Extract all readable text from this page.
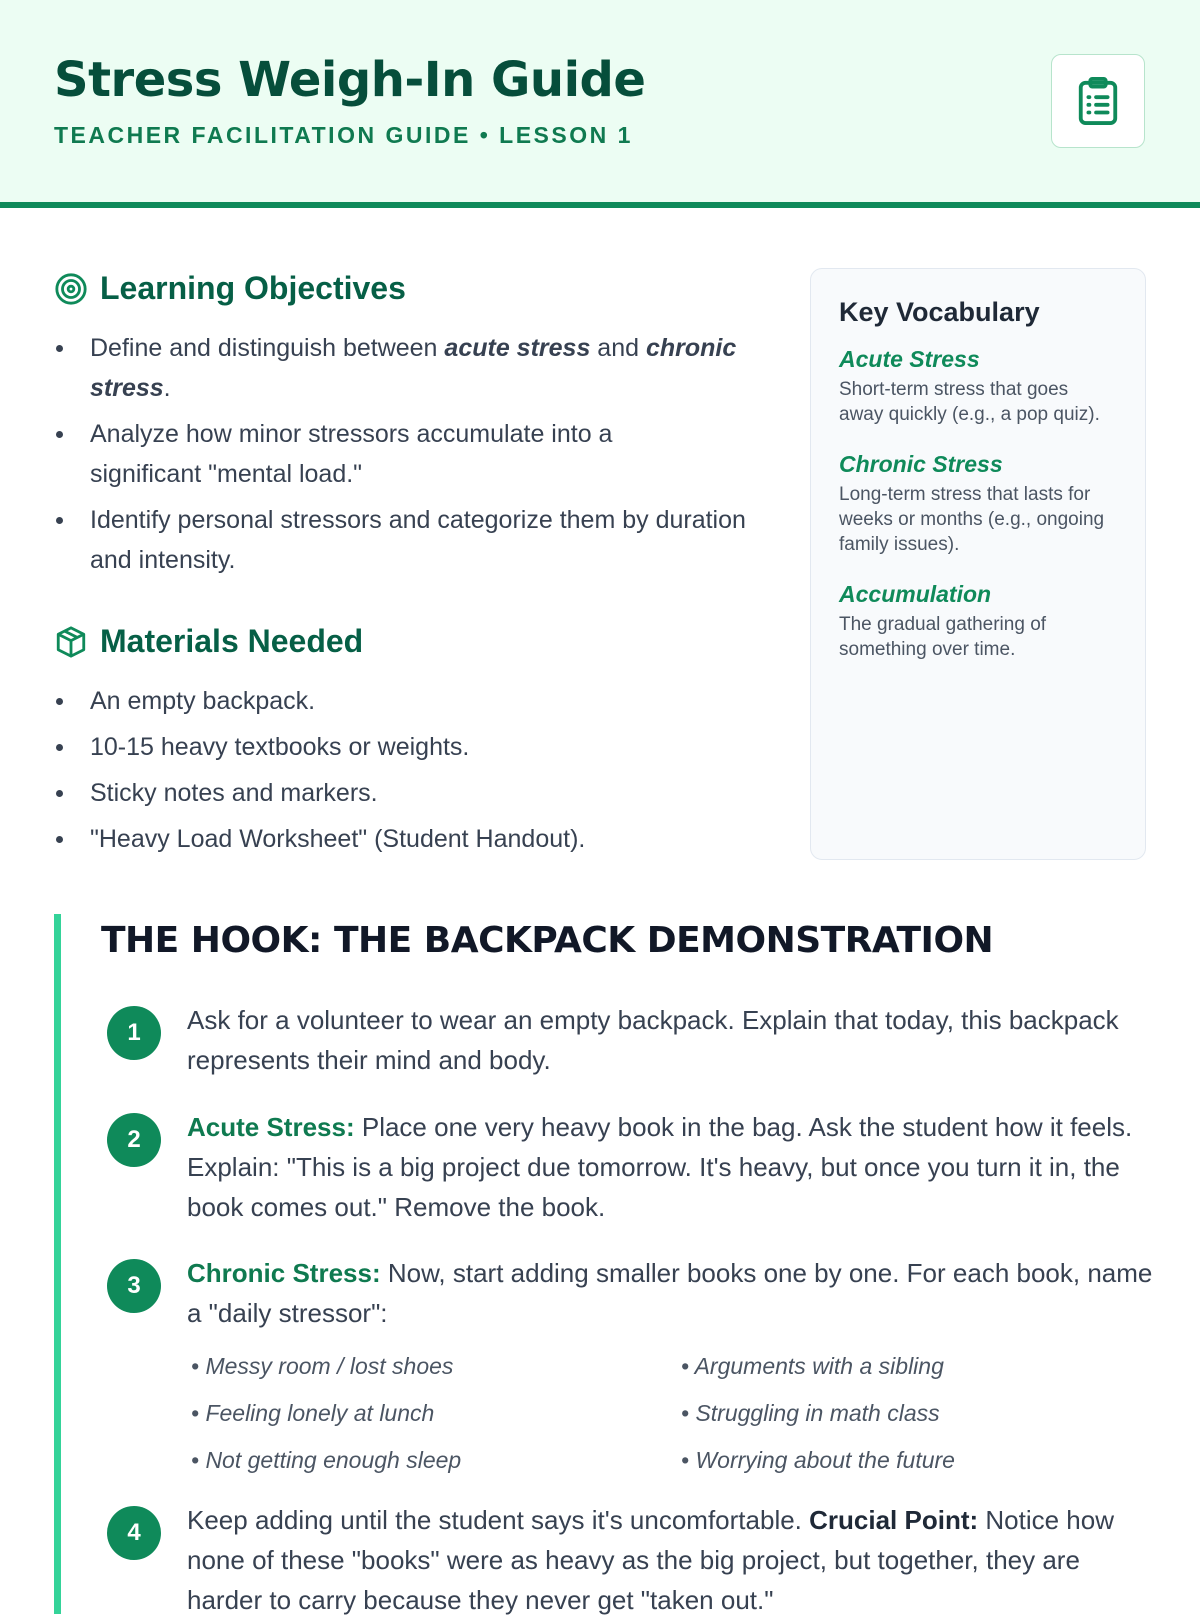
Stress Weigh-In Guide
TEACHER FACILITATION GUIDE • LESSON 1
Learning Objectives
Define and distinguish between acute stress and chronic stress.
Analyze how minor stressors accumulate into a significant "mental load."
Identify personal stressors and categorize them by duration and intensity.
Materials Needed
An empty backpack.
10-15 heavy textbooks or weights.
Sticky notes and markers.
"Heavy Load Worksheet" (Student Handout).
Key Vocabulary
Acute Stress
Short-term stress that goes away quickly (e.g., a pop quiz).
Chronic Stress
Long-term stress that lasts for weeks or months (e.g., ongoing family issues).
Accumulation
The gradual gathering of something over time.
THE HOOK: THE BACKPACK DEMONSTRATION
1	Ask for a volunteer to wear an empty backpack. Explain that today, this backpack represents their mind and body.
2	Acute Stress: Place one very heavy book in the bag. Ask the student how it feels. Explain: "This is a big project due tomorrow. It's heavy, but once you turn it in, the book comes out." Remove the book.
3	Chronic Stress: Now, start adding smaller books one by one. For each book, name a "daily stressor":
• Messy room / lost shoes	• Arguments with a sibling
• Feeling lonely at lunch	• Struggling in math class
• Not getting enough sleep	• Worrying about the future
4	Keep adding until the student says it's uncomfortable. Crucial Point: Notice how none of these "books" were as heavy as the big project, but together, they are harder to carry because they never get "taken out."
